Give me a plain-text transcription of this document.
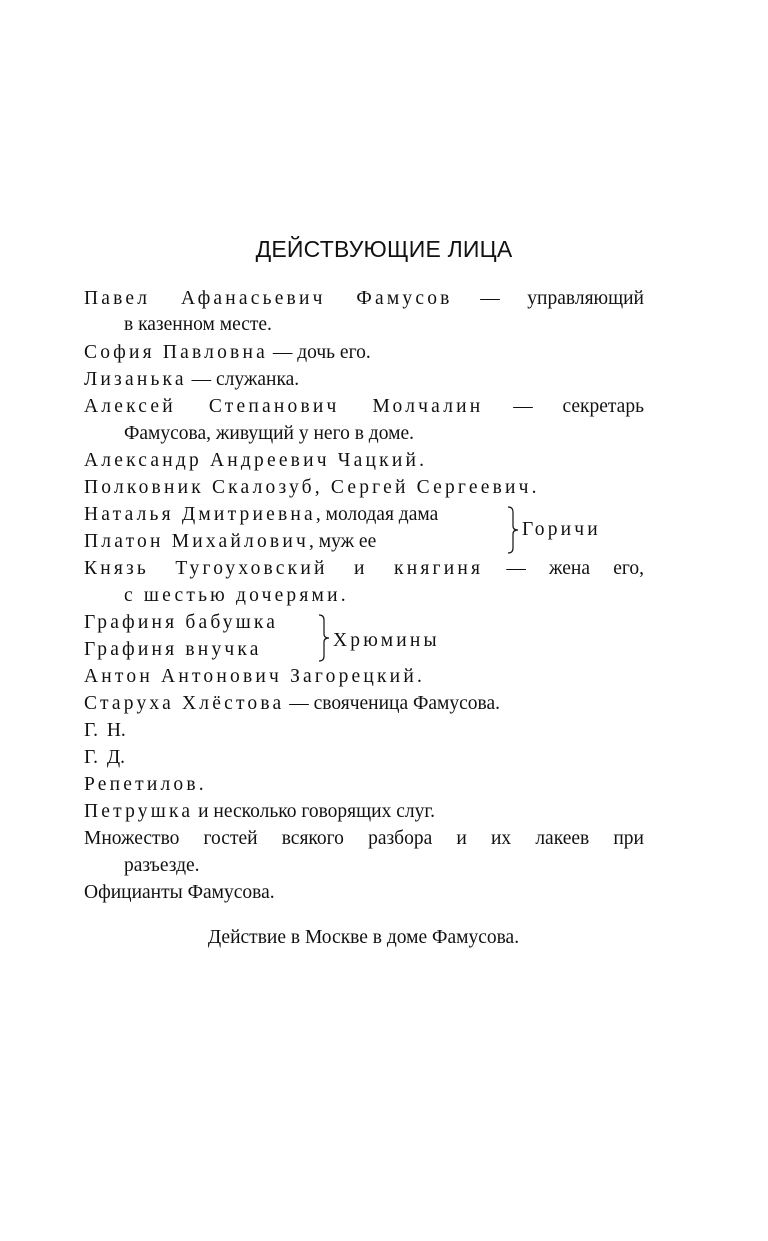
ДЕЙСТВУЮЩИЕ ЛИЦА
Павел Афанасьевич Фамусов — управляющий
в казенном месте.
София Павловна — дочь его.
Лизанька — служанка.
Алексей Степанович Молчалин — секретарь
Фамусова, живущий у него в доме.
Александр Андреевич Чацкий.
Полковник Скалозуб, Сергей Сергеевич.
Наталья Дмитриевна, молодая дама
Платон Михайлович, муж ее
Горичи
Князь Тугоуховский и княгиня — жена его,
с шестью дочерями.
Графиня бабушка
Графиня внучка	Хрюмины
Антон Антонович Загорецкий.
Старуха Хлёстова — свояченица Фамусова.
Г. Н.
Г. Д.
Репетилов.
Петрушка и несколько говорящих слуг.
Множество гостей всякого разбора и их лакеев при
разъезде.
Официанты Фамусова.
Действие в Москве в доме Фамусова.
